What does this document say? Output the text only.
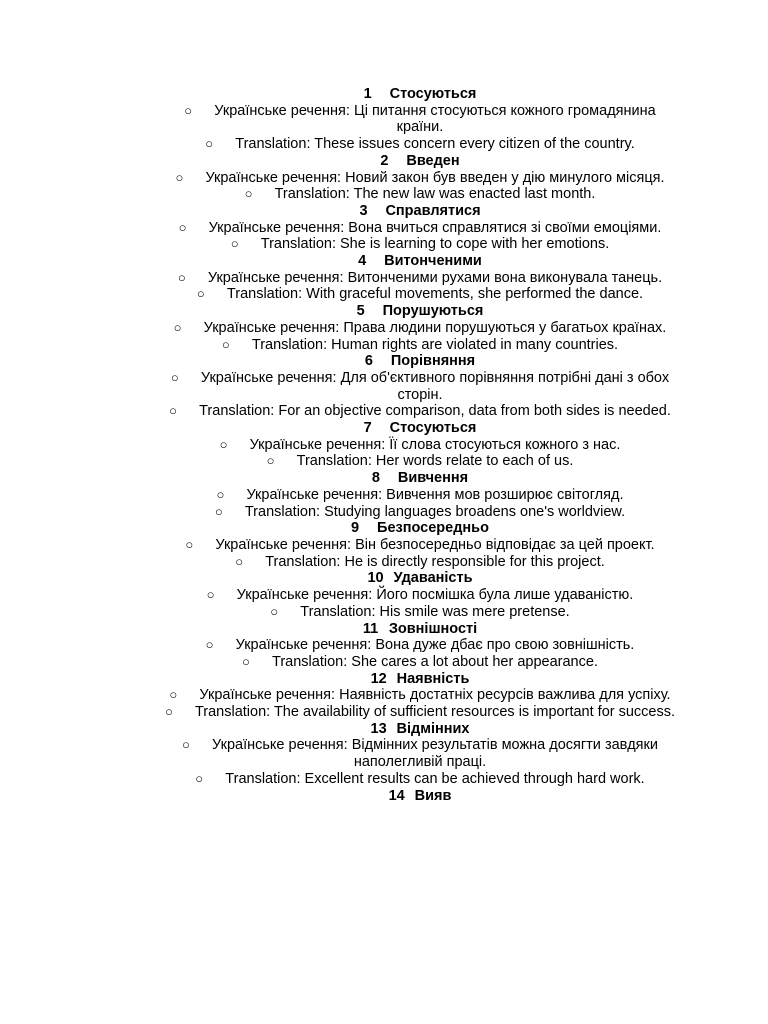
1 Стосуються
○ Українське речення: Ці питання стосуються кожного громадянина країни.
○ Translation: These issues concern every citizen of the country.
2 Введен
○ Українське речення: Новий закон був введен у дію минулого місяця.
○ Translation: The new law was enacted last month.
3 Справлятися
○ Українське речення: Вона вчиться справлятися зі своїми емоціями.
○ Translation: She is learning to cope with her emotions.
4 Витонченими
○ Українське речення: Витонченими рухами вона виконувала танець.
○ Translation: With graceful movements, she performed the dance.
5 Порушуються
○ Українське речення: Права людини порушуються у багатьох країнах.
○ Translation: Human rights are violated in many countries.
6 Порівняння
○ Українське речення: Для об'єктивного порівняння потрібні дані з обох сторін.
○ Translation: For an objective comparison, data from both sides is needed.
7 Стосуються
○ Українське речення: Її слова стосуються кожного з нас.
○ Translation: Her words relate to each of us.
8 Вивчення
○ Українське речення: Вивчення мов розширює світогляд.
○ Translation: Studying languages broadens one's worldview.
9 Безпосередньо
○ Українське речення: Він безпосередньо відповідає за цей проект.
○ Translation: He is directly responsible for this project.
10 Удаваність
○ Українське речення: Його посмішка була лише удаваністю.
○ Translation: His smile was mere pretense.
11 Зовнішності
○ Українське речення: Вона дуже дбає про свою зовнішність.
○ Translation: She cares a lot about her appearance.
12 Наявність
○ Українське речення: Наявність достатніх ресурсів важлива для успіху.
○ Translation: The availability of sufficient resources is important for success.
13 Відмінних
○ Українське речення: Відмінних результатів можна досягти завдяки наполегливій праці.
○ Translation: Excellent results can be achieved through hard work.
14 Вияв
